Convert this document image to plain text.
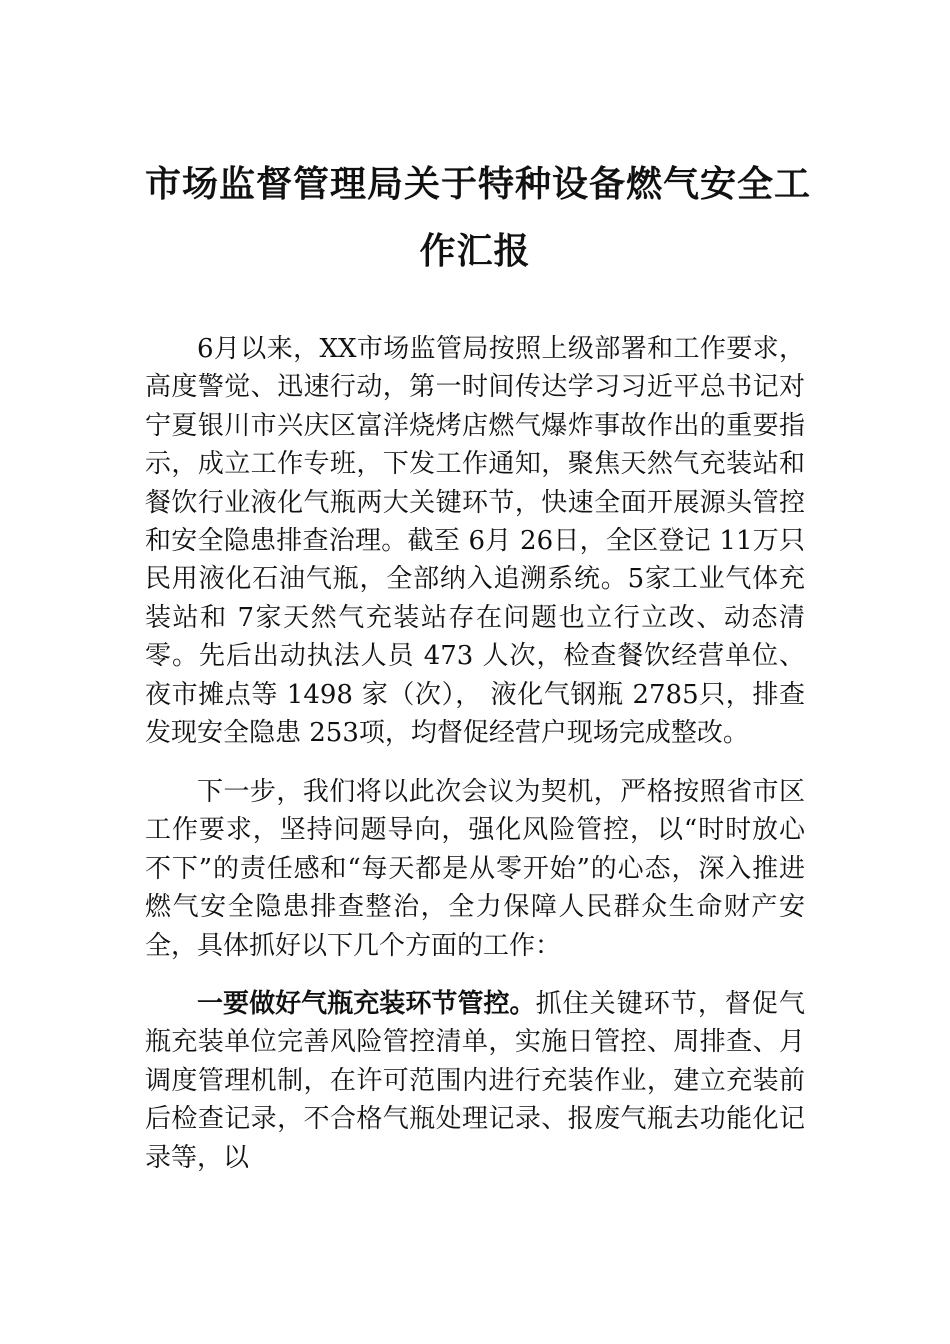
市场监督管理局关于特种设备燃气安全工
作汇报

6月以来，XX市场监管局按照上级部署和工作要求，高度警觉、迅速行动，第一时间传达学习习近平总书记对宁夏银川市兴庆区富洋烧烤店燃气爆炸事故作出的重要指示，成立工作专班，下发工作通知，聚焦天然气充装站和餐饮行业液化气瓶两大关键环节，快速全面开展源头管控和安全隐患排查治理。截至 6月 26日，全区登记 11万只民用液化石油气瓶，全部纳入追溯系统。5家工业气体充装站和 7家天然气充装站存在问题也立行立改、动态清零。先后出动执法人员 473 人次，检查餐饮经营单位、夜市摊点等 1498 家（次）， 液化气钢瓶 2785只，排查发现安全隐患 253项，均督促经营户现场完成整改。

下一步，我们将以此次会议为契机，严格按照省市区工作要求，坚持问题导向，强化风险管控，以“时时放心不下”的责任感和“每天都是从零开始”的心态，深入推进燃气安全隐患排查整治，全力保障人民群众生命财产安全，具体抓好以下几个方面的工作：

一要做好气瓶充装环节管控。抓住关键环节，督促气瓶充装单位完善风险管控清单，实施日管控、周排查、月调度管理机制，在许可范围内进行充装作业，建立充装前后检查记录，不合格气瓶处理记录、报废气瓶去功能化记录等，以
